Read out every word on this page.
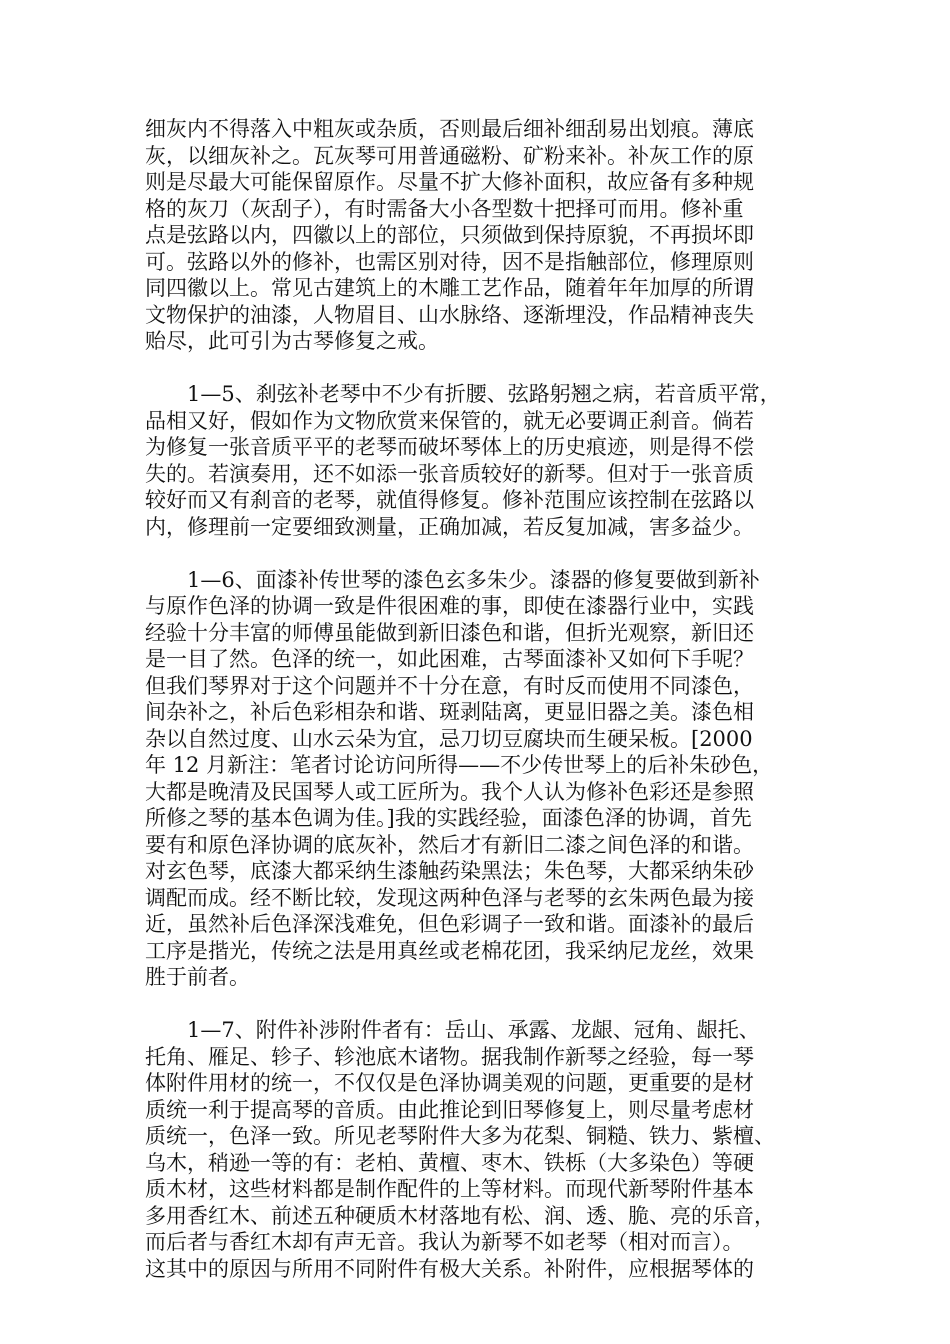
细灰内不得落入中粗灰或杂质，否则最后细补细刮易出划痕。薄底
灰，以细灰补之。瓦灰琴可用普通磁粉、矿粉来补。补灰工作的原
则是尽最大可能保留原作。尽量不扩大修补面积，故应备有多种规
格的灰刀（灰刮子），有时需备大小各型数十把择可而用。修补重
点是弦路以内，四徽以上的部位，只须做到保持原貌，不再损坏即
可。弦路以外的修补，也需区别对待，因不是指触部位，修理原则
同四徽以上。常见古建筑上的木雕工艺作品，随着年年加厚的所谓
文物保护的油漆，人物眉目、山水脉络、逐渐埋没，作品精神丧失
贻尽，此可引为古琴修复之戒。
1—5、刹弦补老琴中不少有折腰、弦路躬翘之病，若音质平常，
品相又好，假如作为文物欣赏来保管的，就无必要调正刹音。倘若
为修复一张音质平平的老琴而破坏琴体上的历史痕迹，则是得不偿
失的。若演奏用，还不如添一张音质较好的新琴。但对于一张音质
较好而又有刹音的老琴，就值得修复。修补范围应该控制在弦路以
内，修理前一定要细致测量，正确加减，若反复加减，害多益少。
1—6、面漆补传世琴的漆色玄多朱少。漆器的修复要做到新补
与原作色泽的协调一致是件很困难的事，即使在漆器行业中，实践
经验十分丰富的师傅虽能做到新旧漆色和谐，但折光观察，新旧还
是一目了然。色泽的统一，如此困难，古琴面漆补又如何下手呢？
但我们琴界对于这个问题并不十分在意，有时反而使用不同漆色，
间杂补之，补后色彩相杂和谐、斑剥陆离，更显旧器之美。漆色相
杂以自然过度、山水云朵为宜，忌刀切豆腐块而生硬呆板。[2000
年 12 月新注：笔者讨论访问所得——不少传世琴上的后补朱砂色，
大都是晚清及民国琴人或工匠所为。我个人认为修补色彩还是参照
所修之琴的基本色调为佳。]我的实践经验，面漆色泽的协调，首先
要有和原色泽协调的底灰补，然后才有新旧二漆之间色泽的和谐。
对玄色琴，底漆大都采纳生漆触药染黑法；朱色琴，大都采纳朱砂
调配而成。经不断比较，发现这两种色泽与老琴的玄朱两色最为接
近，虽然补后色泽深浅难免，但色彩调子一致和谐。面漆补的最后
工序是揩光，传统之法是用真丝或老棉花团，我采纳尼龙丝，效果
胜于前者。
1—7、附件补涉附件者有：岳山、承露、龙龈、冠角、龈托、
托角、雁足、轸子、轸池底木诸物。据我制作新琴之经验，每一琴
体附件用材的统一，不仅仅是色泽协调美观的问题，更重要的是材
质统一利于提高琴的音质。由此推论到旧琴修复上，则尽量考虑材
质统一，色泽一致。所见老琴附件大多为花梨、铜糙、铁力、紫檀、
乌木，稍逊一等的有：老柏、黄檀、枣木、铁栎（大多染色）等硬
质木材，这些材料都是制作配件的上等材料。而现代新琴附件基本
多用香红木、前述五种硬质木材落地有松、润、透、脆、亮的乐音，
而后者与香红木却有声无音。我认为新琴不如老琴（相对而言）。
这其中的原因与所用不同附件有极大关系。补附件，应根据琴体的
